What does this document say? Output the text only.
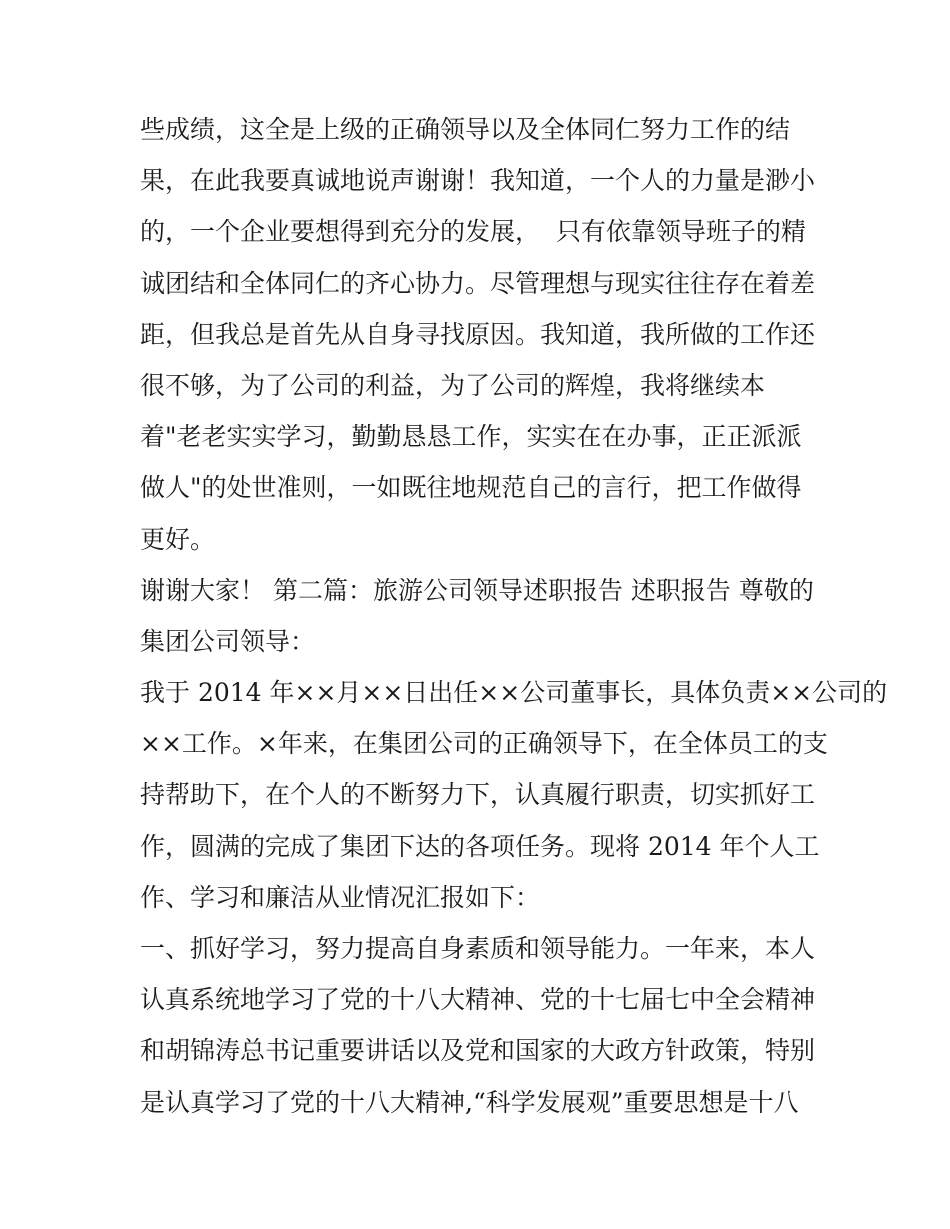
些成绩，这全是上级的正确领导以及全体同仁努力工作的结
果，在此我要真诚地说声谢谢！我知道，一个人的力量是渺小
的，一个企业要想得到充分的发展，  只有依靠领导班子的精
诚团结和全体同仁的齐心协力。尽管理想与现实往往存在着差
距，但我总是首先从自身寻找原因。我知道，我所做的工作还
很不够，为了公司的利益，为了公司的辉煌，我将继续本
着"老老实实学习，勤勤恳恳工作，实实在在办事，正正派派
做人"的处世准则，一如既往地规范自己的言行，把工作做得
更好。
谢谢大家！ 第二篇：旅游公司领导述职报告 述职报告 尊敬的
集团公司领导：
我于 2014 年××月××日出任××公司董事长，具体负责××公司的
××工作。×年来，在集团公司的正确领导下，在全体员工的支
持帮助下，在个人的不断努力下，认真履行职责，切实抓好工
作，圆满的完成了集团下达的各项任务。现将 2014 年个人工
作、学习和廉洁从业情况汇报如下：
一、抓好学习，努力提高自身素质和领导能力。一年来，本人
认真系统地学习了党的十八大精神、党的十七届七中全会精神
和胡锦涛总书记重要讲话以及党和国家的大政方针政策，特别
是认真学习了党的十八大精神,“科学发展观”重要思想是十八
